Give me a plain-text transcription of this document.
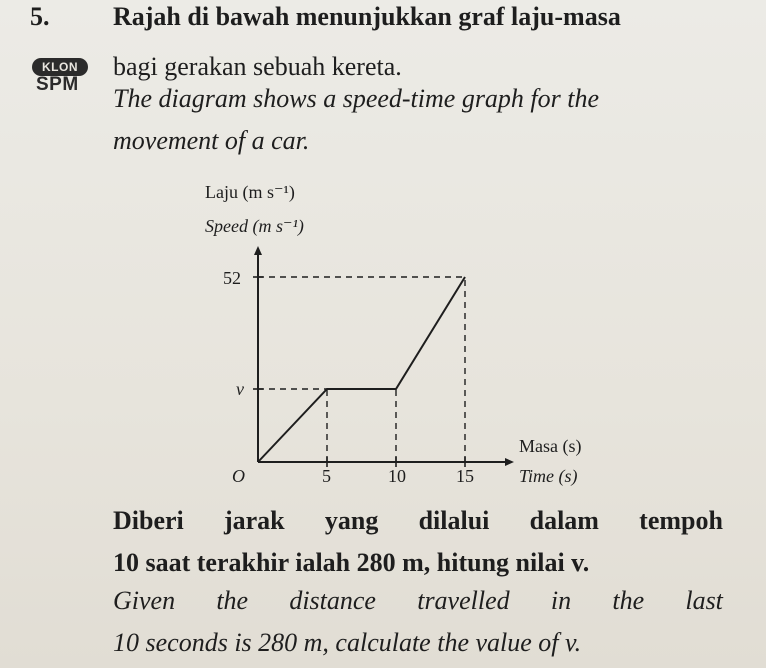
5. Rajah di bawah menunjukkan graf laju-masa
KLON
SPM
bagi gerakan sebuah kereta.
The diagram shows a speed-time graph for the
movement of a car.
Laju (m s⁻¹)
Speed (m s⁻¹)
52
v
O	5	10	15
Masa (s)
Time (s)
Diberi jarak yang dilalui dalam tempoh
10 saat terakhir ialah 280 m, hitung nilai v.
Given the distance travelled in the last
10 seconds is 280 m, calculate the value of v.
